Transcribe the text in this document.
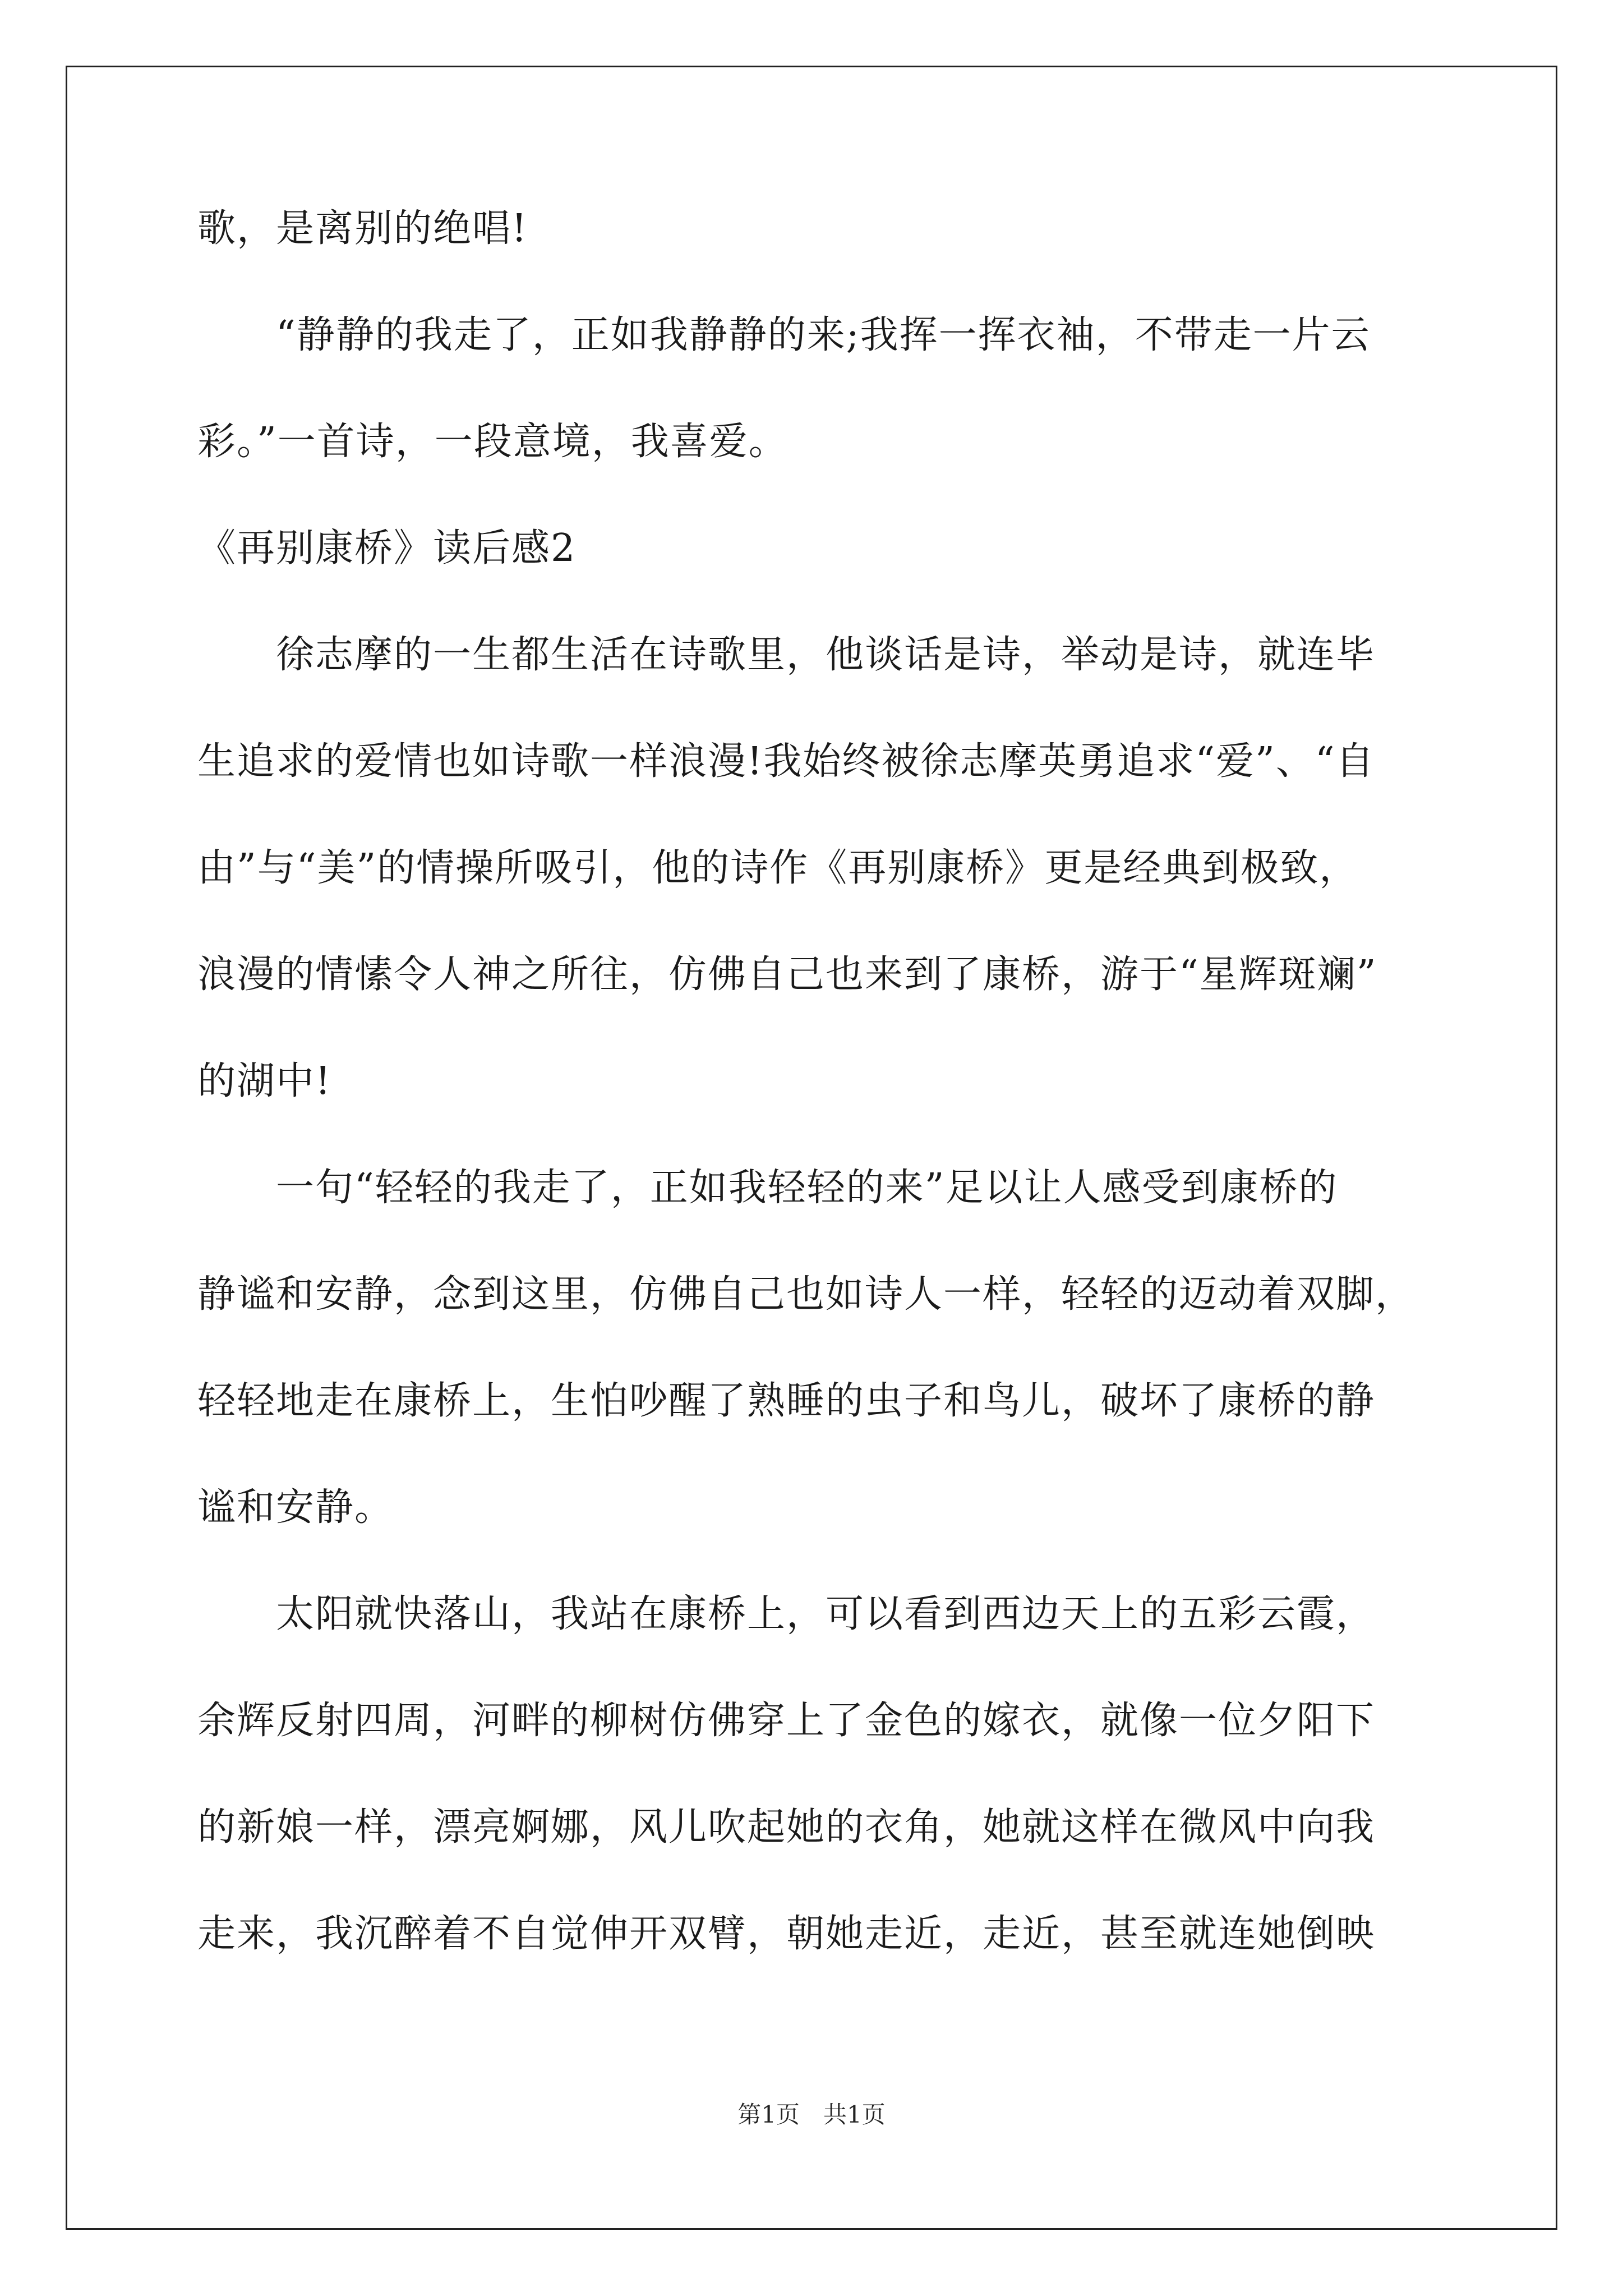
歌，是离别的绝唱!
　　“静静的我走了，正如我静静的来;我挥一挥衣袖，不带走一片云
彩。”一首诗，一段意境，我喜爱。
《再别康桥》读后感2
　　徐志摩的一生都生活在诗歌里，他谈话是诗，举动是诗，就连毕
生追求的爱情也如诗歌一样浪漫!我始终被徐志摩英勇追求“爱”、“自
由”与“美”的情操所吸引，他的诗作《再别康桥》更是经典到极致，
浪漫的情愫令人神之所往，仿佛自己也来到了康桥，游于“星辉斑斓”
的湖中!
　　一句“轻轻的我走了，正如我轻轻的来”足以让人感受到康桥的
静谧和安静，念到这里，仿佛自己也如诗人一样，轻轻的迈动着双脚，
轻轻地走在康桥上，生怕吵醒了熟睡的虫子和鸟儿，破坏了康桥的静
谧和安静。
　　太阳就快落山，我站在康桥上，可以看到西边天上的五彩云霞，
余辉反射四周，河畔的柳树仿佛穿上了金色的嫁衣，就像一位夕阳下
的新娘一样，漂亮婀娜，风儿吹起她的衣角，她就这样在微风中向我
走来，我沉醉着不自觉伸开双臂，朝她走近，走近，甚至就连她倒映
第1页　共1页
